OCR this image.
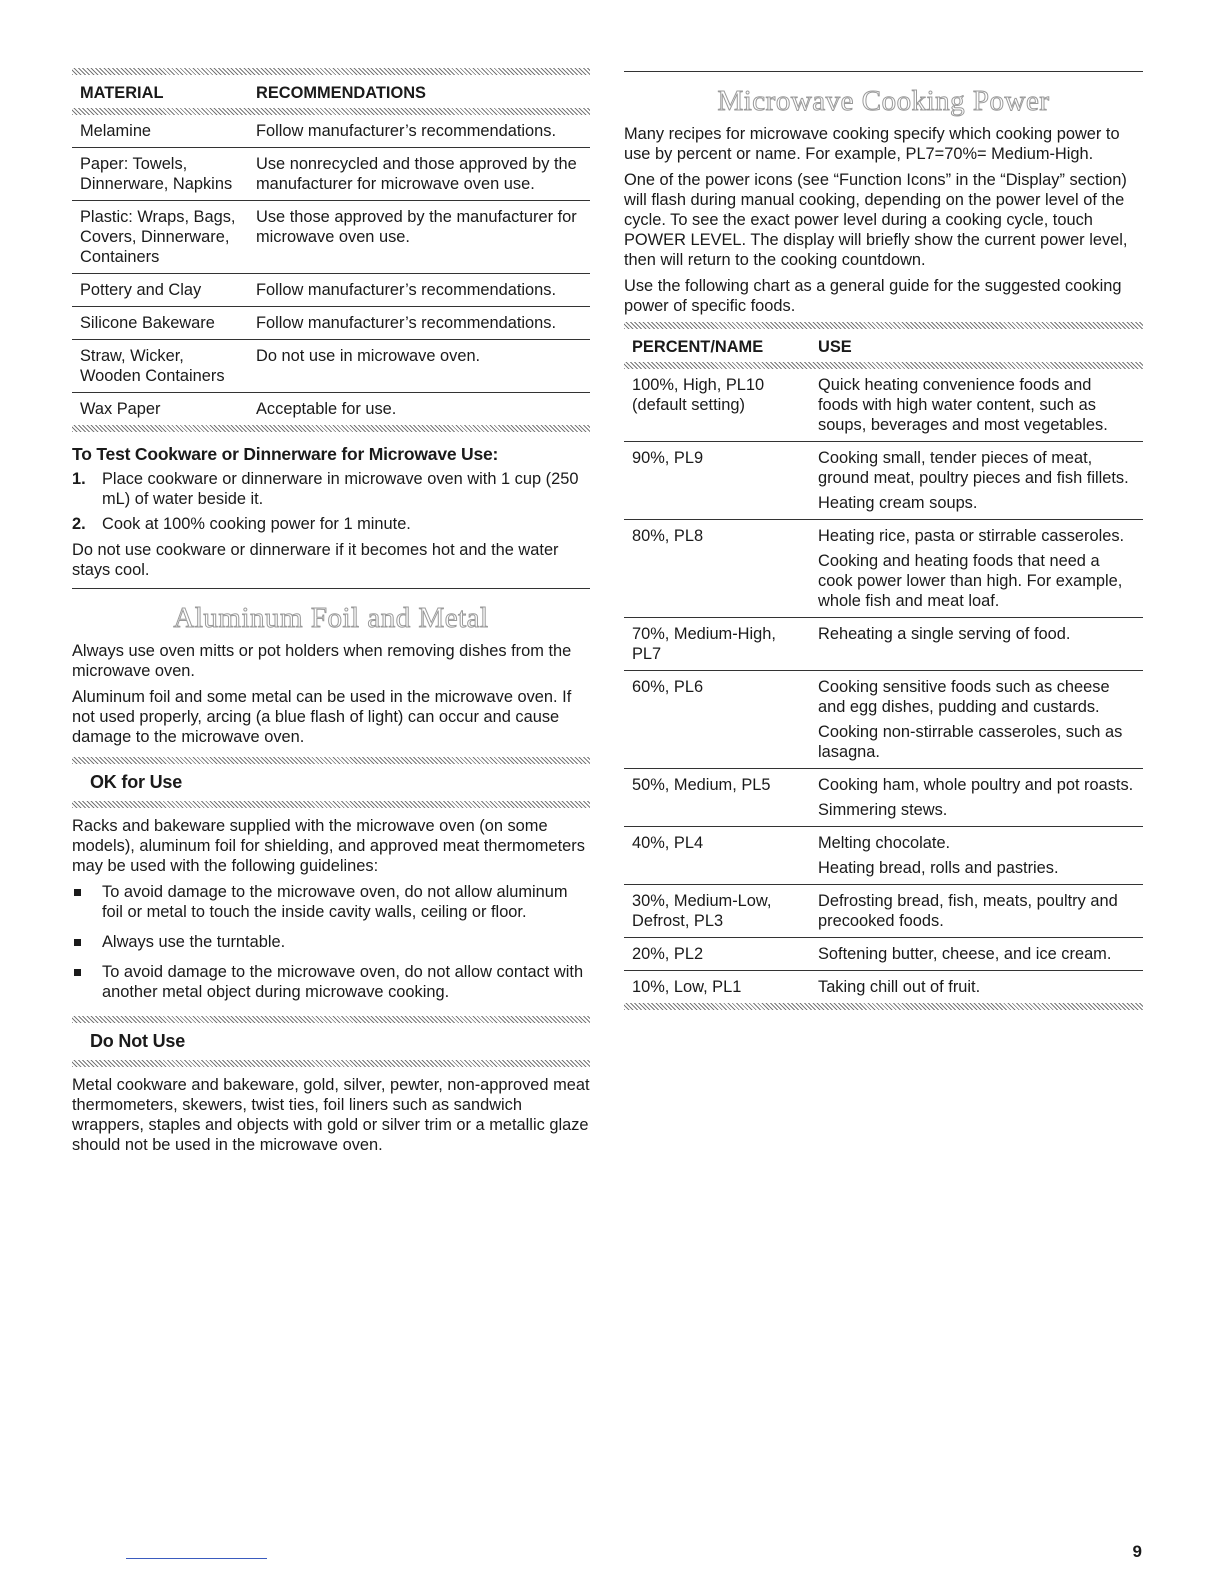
MATERIAL	RECOMMENDATIONS

Melamine	Follow manufacturer’s recommendations.
Paper: Towels, Dinnerware, Napkins	Use nonrecycled and those approved by the manufacturer for microwave oven use.
Plastic: Wraps, Bags, Covers, Dinnerware, Containers	Use those approved by the manufacturer for microwave oven use.
Pottery and Clay	Follow manufacturer’s recommendations.
Silicone Bakeware	Follow manufacturer’s recommendations.
Straw, Wicker, Wooden Containers	Do not use in microwave oven.
Wax Paper	Acceptable for use.
To Test Cookware or Dinnerware for Microwave Use:
1. Place cookware or dinnerware in microwave oven with 1 cup (250 mL) of water beside it.
2. Cook at 100% cooking power for 1 minute.

Do not use cookware or dinnerware if it becomes hot and the water stays cool.

Aluminum Foil and Metal

Always use oven mitts or pot holders when removing dishes from the microwave oven.

Aluminum foil and some metal can be used in the microwave oven. If not used properly, arcing (a blue flash of light) can occur and cause damage to the microwave oven.

OK for Use

Racks and bakeware supplied with the microwave oven (on some models), aluminum foil for shielding, and approved meat thermometers may be used with the following guidelines:

To avoid damage to the microwave oven, do not allow aluminum foil or metal to touch the inside cavity walls, ceiling or floor.
Always use the turntable.
To avoid damage to the microwave oven, do not allow contact with another metal object during microwave cooking.
Do Not Use

Metal cookware and bakeware, gold, silver, pewter, non-approved meat thermometers, skewers, twist ties, foil liners such as sandwich wrappers, staples and objects with gold or silver trim or a metallic glaze should not be used in the microwave oven.

Microwave Cooking Power

Many recipes for microwave cooking specify which cooking power to use by percent or name. For example, PL7=70%= Medium-High.

One of the power icons (see “Function Icons” in the “Display” section) will flash during manual cooking, depending on the power level of the cycle. To see the exact power level during a cooking cycle, touch POWER LEVEL. The display will briefly show the current power level, then will return to the cooking countdown.

Use the following chart as a general guide for the suggested cooking power of specific foods.

PERCENT/NAME	USE

100%, High, PL10 (default setting)	Quick heating convenience foods and foods with high water content, such as soups, beverages and most vegetables.

90%, PL9	Cooking small, tender pieces of meat, ground meat, poultry pieces and fish fillets.

Heating cream soups.

80%, PL8	Heating rice, pasta or stirrable casseroles.

Cooking and heating foods that need a cook power lower than high. For example, whole fish and meat loaf.

70%, Medium-High, PL7	Reheating a single serving of food.

60%, PL6	Cooking sensitive foods such as cheese and egg dishes, pudding and custards.

Cooking non-stirrable casseroles, such as lasagna.

50%, Medium, PL5	Cooking ham, whole poultry and pot roasts.

Simmering stews.

40%, PL4	Melting chocolate.

Heating bread, rolls and pastries.

30%, Medium-Low, Defrost, PL3	Defrosting bread, fish, meats, poultry and precooked foods.

20%, PL2	Softening butter, cheese, and ice cream.

10%, Low, PL1	Taking chill out of fruit.

9
